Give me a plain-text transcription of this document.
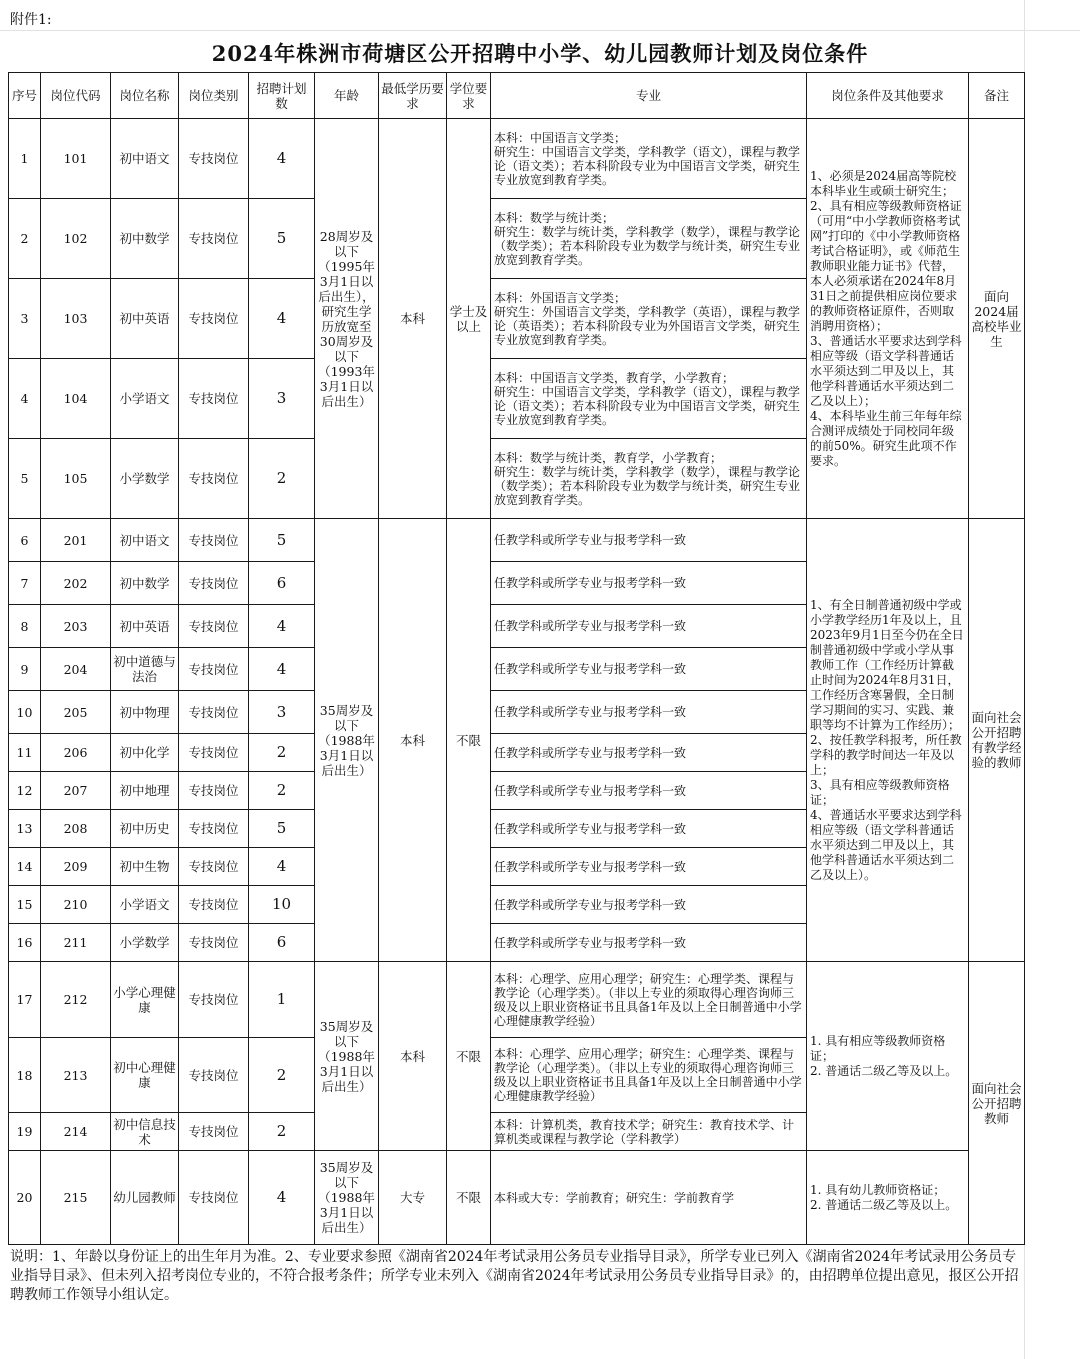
附件1:
2024年株洲市荷塘区公开招聘中小学、幼儿园教师计划及岗位条件
序号	岗位代码	岗位名称	岗位类别	招聘计划数	年龄	最低学历要求	学位要求	专业	岗位条件及其他要求	备注
1	101	初中语文	专技岗位	4	28周岁及以下（1995年3月1日以后出生），研究生学历放宽至30周岁及以下（1993年3月1日以后出生）	本科	学士及以上	本科：中国语言文学类；
研究生：中国语言文学类，学科教学（语文），课程与教学论（语文类）；若本科阶段专业为中国语言文学类，研究生专业放宽到教育学类。	1、必须是2024届高等院校本科毕业生或硕士研究生；
2、具有相应等级教师资格证（可用“中小学教师资格考试网”打印的《中小学教师资格考试合格证明》，或《师范生教师职业能力证书》代替，本人必须承诺在2024年8月31日之前提供相应岗位要求的教师资格证原件，否则取消聘用资格）；
3、普通话水平要求达到学科相应等级（语文学科普通话水平须达到二甲及以上，其他学科普通话水平须达到二乙及以上）；
4、本科毕业生前三年每年综合测评成绩处于同校同年级的前50%。研究生此项不作要求。	面向2024届高校毕业生
2	102	初中数学	专技岗位	5				本科：数学与统计类；
研究生：数学与统计类，学科教学（数学），课程与教学论（数学类）；若本科阶段专业为数学与统计类，研究生专业放宽到教育学类。		
3	103	初中英语	专技岗位	4				本科：外国语言文学类；
研究生：外国语言文学类，学科教学（英语），课程与教学论（英语类）；若本科阶段专业为外国语言文学类，研究生专业放宽到教育学类。		
4	104	小学语文	专技岗位	3				本科：中国语言文学类，教育学，小学教育；
研究生：中国语言文学类，学科教学（语文），课程与教学论（语文类）；若本科阶段专业为中国语言文学类，研究生专业放宽到教育学类。		
5	105	小学数学	专技岗位	2				本科：数学与统计类，教育学，小学教育；
研究生：数学与统计类，学科教学（数学），课程与教学论（数学类）；若本科阶段专业为数学与统计类，研究生专业放宽到教育学类。		
6	201	初中语文	专技岗位	5	35周岁及以下（1988年3月1日以后出生）	本科	不限	任教学科或所学专业与报考学科一致	1、有全日制普通初级中学或小学教学经历1年及以上，且2023年9月1日至今仍在全日制普通初级中学或小学从事教师工作（工作经历计算截止时间为2024年8月31日，工作经历含寒暑假，全日制学习期间的实习、实践、兼职等均不计算为工作经历）；
2、按任教学科报考，所任教学科的教学时间达一年及以上；
3、具有相应等级教师资格证；
4、普通话水平要求达到学科相应等级（语文学科普通话水平须达到二甲及以上，其他学科普通话水平须达到二乙及以上）。	面向社会公开招聘有教学经验的教师
7	202	初中数学	专技岗位	6				任教学科或所学专业与报考学科一致		
8	203	初中英语	专技岗位	4				任教学科或所学专业与报考学科一致		
9	204	初中道德与法治	专技岗位	4				任教学科或所学专业与报考学科一致		
10	205	初中物理	专技岗位	3				任教学科或所学专业与报考学科一致		
11	206	初中化学	专技岗位	2				任教学科或所学专业与报考学科一致		
12	207	初中地理	专技岗位	2				任教学科或所学专业与报考学科一致		
13	208	初中历史	专技岗位	5				任教学科或所学专业与报考学科一致		
14	209	初中生物	专技岗位	4				任教学科或所学专业与报考学科一致		
15	210	小学语文	专技岗位	10				任教学科或所学专业与报考学科一致		
16	211	小学数学	专技岗位	6				任教学科或所学专业与报考学科一致		
17	212	小学心理健康	专技岗位	1	35周岁及以下（1988年3月1日以后出生）	本科	不限	本科：心理学、应用心理学；研究生：心理学类、课程与教学论（心理学类）。（非以上专业的须取得心理咨询师三级及以上职业资格证书且具备1年及以上全日制普通中小学心理健康教学经验）	1. 具有相应等级教师资格证；
2. 普通话二级乙等及以上。	面向社会公开招聘教师
18	213	初中心理健康	专技岗位	2				本科：心理学、应用心理学；研究生：心理学类、课程与教学论（心理学类）。（非以上专业的须取得心理咨询师三级及以上职业资格证书且具备1年及以上全日制普通中小学心理健康教学经验）		
19	214	初中信息技术	专技岗位	2				本科：计算机类，教育技术学；研究生：教育技术学、计算机类或课程与教学论（学科教学）		
20	215	幼儿园教师	专技岗位	4	35周岁及以下（1988年3月1日以后出生）	大专	不限	本科或大专：学前教育；研究生：学前教育学	1. 具有幼儿教师资格证；
2. 普通话二级乙等及以上。	
说明：1、年龄以身份证上的出生年月为准。2、专业要求参照《湖南省2024年考试录用公务员专业指导目录》，所学专业已列入《湖南省2024年考试录用公务员专业指导目录》、但未列入招考岗位专业的，不符合报考条件；所学专业未列入《湖南省2024年考试录用公务员专业指导目录》的，由招聘单位提出意见，报区公开招聘教师工作领导小组认定。
